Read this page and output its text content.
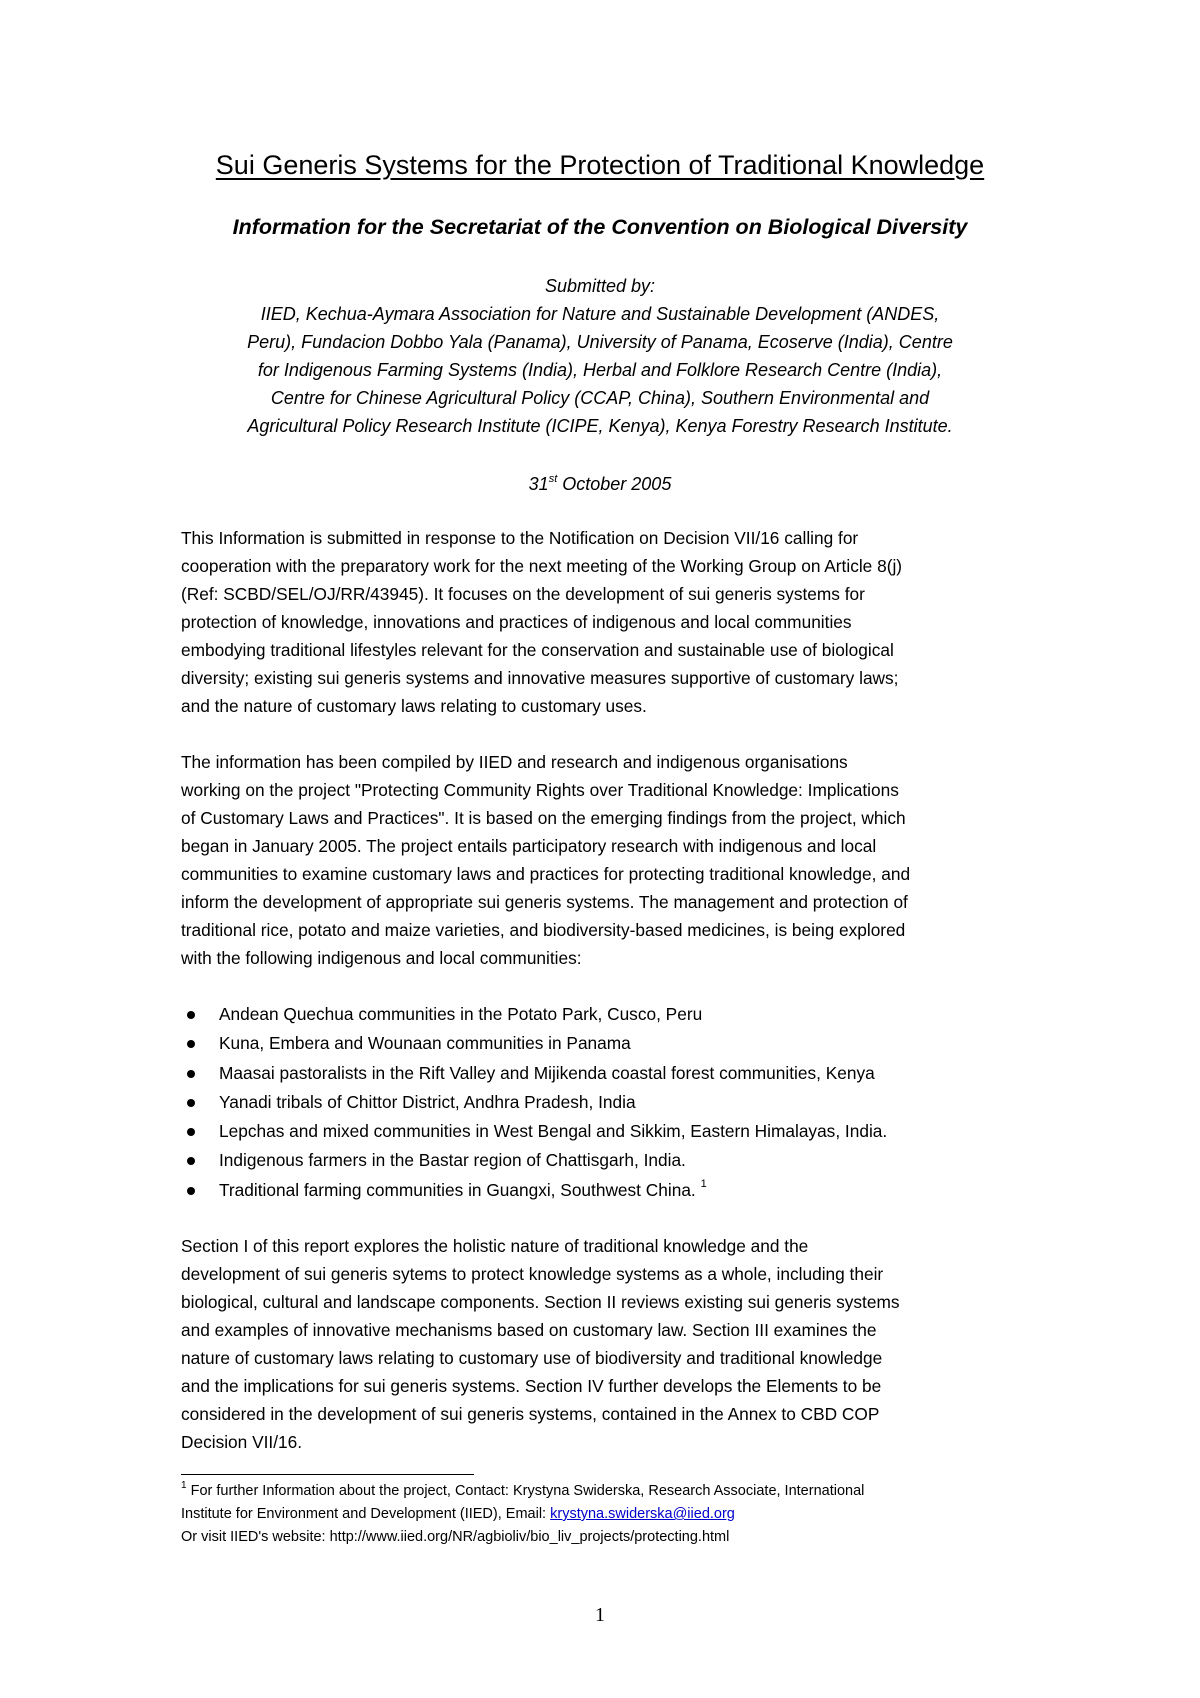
Sui Generis Systems for the Protection of Traditional Knowledge
Information for the Secretariat of the Convention on Biological Diversity
Submitted by:
IIED, Kechua-Aymara Association for Nature and Sustainable Development (ANDES,
Peru), Fundacion Dobbo Yala (Panama), University of Panama, Ecoserve (India), Centre
for Indigenous Farming Systems (India), Herbal and Folklore Research Centre (India),
Centre for Chinese Agricultural Policy (CCAP, China), Southern Environmental and
Agricultural Policy Research Institute (ICIPE, Kenya), Kenya Forestry Research Institute.
31st October 2005
This Information is submitted in response to the Notification on Decision VII/16 calling for
cooperation with the preparatory work for the next meeting of the Working Group on Article 8(j)
(Ref: SCBD/SEL/OJ/RR/43945). It focuses on the development of sui generis systems for
protection of knowledge, innovations and practices of indigenous and local communities
embodying traditional lifestyles relevant for the conservation and sustainable use of biological
diversity; existing sui generis systems and innovative measures supportive of customary laws;
and the nature of customary laws relating to customary uses.
The information has been compiled by IIED and research and indigenous organisations
working on the project "Protecting Community Rights over Traditional Knowledge: Implications
of Customary Laws and Practices". It is based on the emerging findings from the project, which
began in January 2005. The project entails participatory research with indigenous and local
communities to examine customary laws and practices for protecting traditional knowledge, and
inform the development of appropriate sui generis systems. The management and protection of
traditional rice, potato and maize varieties, and biodiversity-based medicines, is being explored
with the following indigenous and local communities:
Andean Quechua communities in the Potato Park, Cusco, Peru
Kuna, Embera and Wounaan communities in Panama
Maasai pastoralists in the Rift Valley and Mijikenda coastal forest communities, Kenya
Yanadi tribals of Chittor District, Andhra Pradesh, India
Lepchas and mixed communities in West Bengal and Sikkim, Eastern Himalayas, India.
Indigenous farmers in the Bastar region of Chattisgarh, India.
Traditional farming communities in Guangxi, Southwest China. $^1$
Section I of this report explores the holistic nature of traditional knowledge and the
development of sui generis sytems to protect knowledge systems as a whole, including their
biological, cultural and landscape components. Section II reviews existing sui generis systems
and examples of innovative mechanisms based on customary law. Section III examines the
nature of customary laws relating to customary use of biodiversity and traditional knowledge
and the implications for sui generis systems. Section IV further develops the Elements to be
considered in the development of sui generis systems, contained in the Annex to CBD COP
Decision VII/16.
$^1$ For further Information about the project, Contact: Krystyna Swiderska, Research Associate, International
Institute for Environment and Development (IIED), Email: krystyna.swiderska@iied.org
Or visit IIED's website: http://www.iied.org/NR/agbioliv/bio_liv_projects/protecting.html
1
